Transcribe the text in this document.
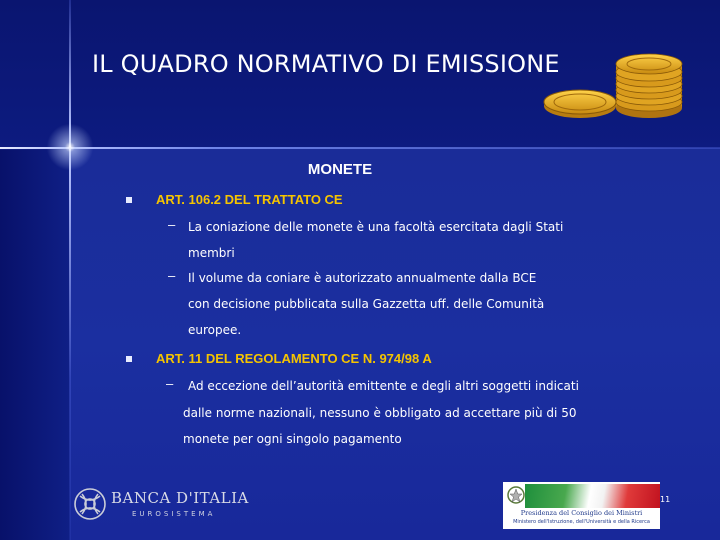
IL QUADRO NORMATIVO DI EMISSIONE
MONETE
ART. 106.2 DEL TRATTATO CE
– La coniazione delle monete è una facoltà esercitata dagli Stati
membri
– Il volume da coniare è autorizzato annualmente dalla BCE
con decisione pubblicata sulla Gazzetta uff. delle Comunità
europee.
ART. 11 DEL REGOLAMENTO CE N. 974/98 A
– Ad eccezione dell’autorità emittente e degli altri soggetti indicati
dalle norme nazionali, nessuno è obbligato ad accettare più di 50
monete per ogni singolo pagamento
BANCA D'ITALIA
EUROSISTEMA	Presidenza del Consiglio dei Ministri
Ministero dell'Istruzione, dell'Università e della Ricerca
11
